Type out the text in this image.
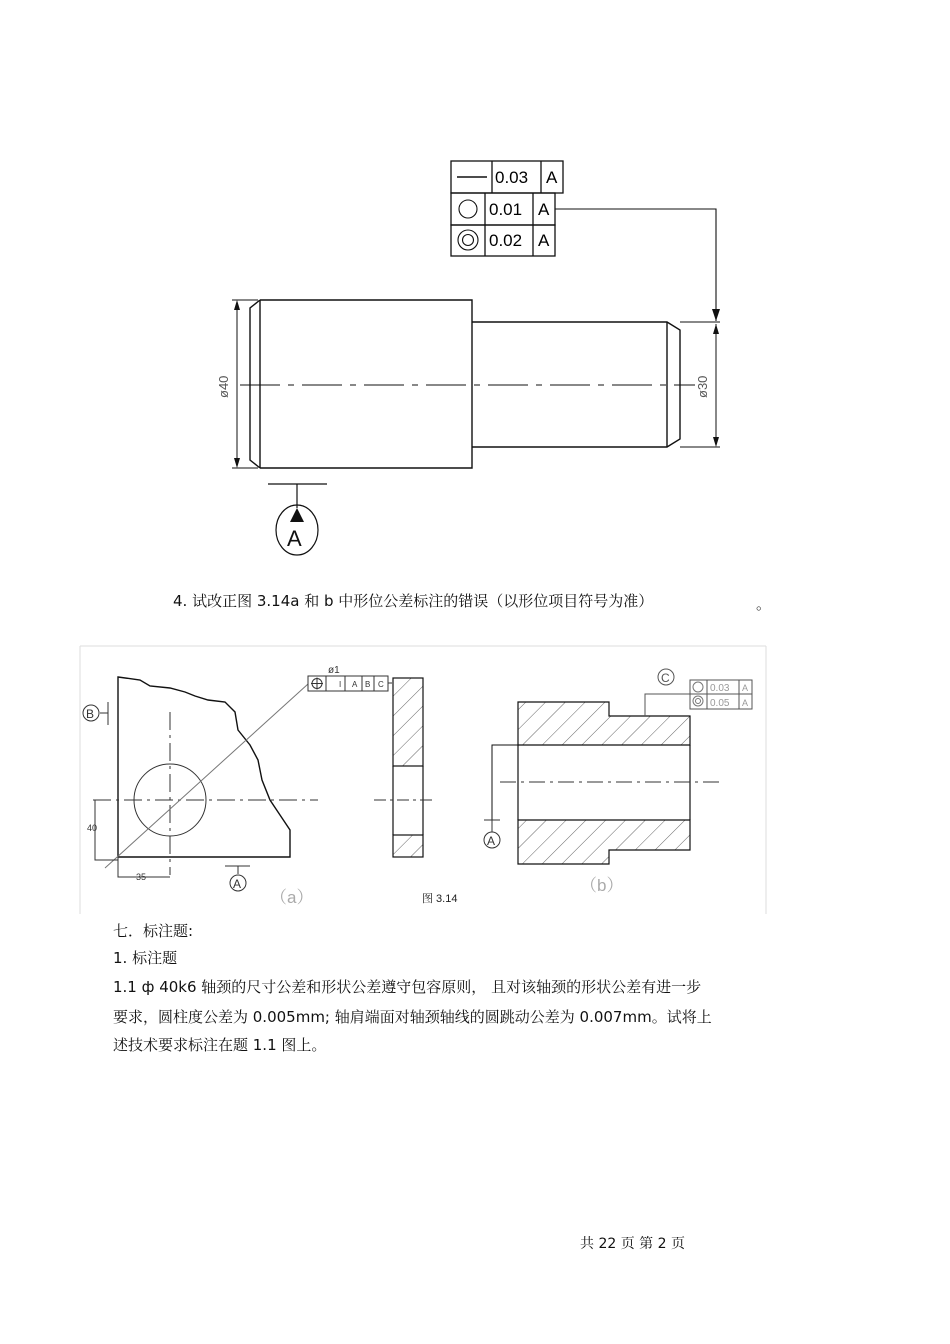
0.03 A
0.01 A
0.02 A
ø40	ø30
A
4. 试改正图 3.14a 和 b 中形位公差标注的错误（以形位项目符号为准）	。
40
35
B
A
ø1
I A B C
（a）
A
C
0.03 A
0.05 A
（b）
图 3.14
七．标注题:
1. 标注题
1.1 ф 40k6 轴颈的尺寸公差和形状公差遵守包容原则， 且对该轴颈的形状公差有进一步
要求，圆柱度公差为 0.005mm; 轴肩端面对轴颈轴线的圆跳动公差为 0.007mm。试将上
述技术要求标注在题 1.1 图上。
共 22 页 第 2 页
